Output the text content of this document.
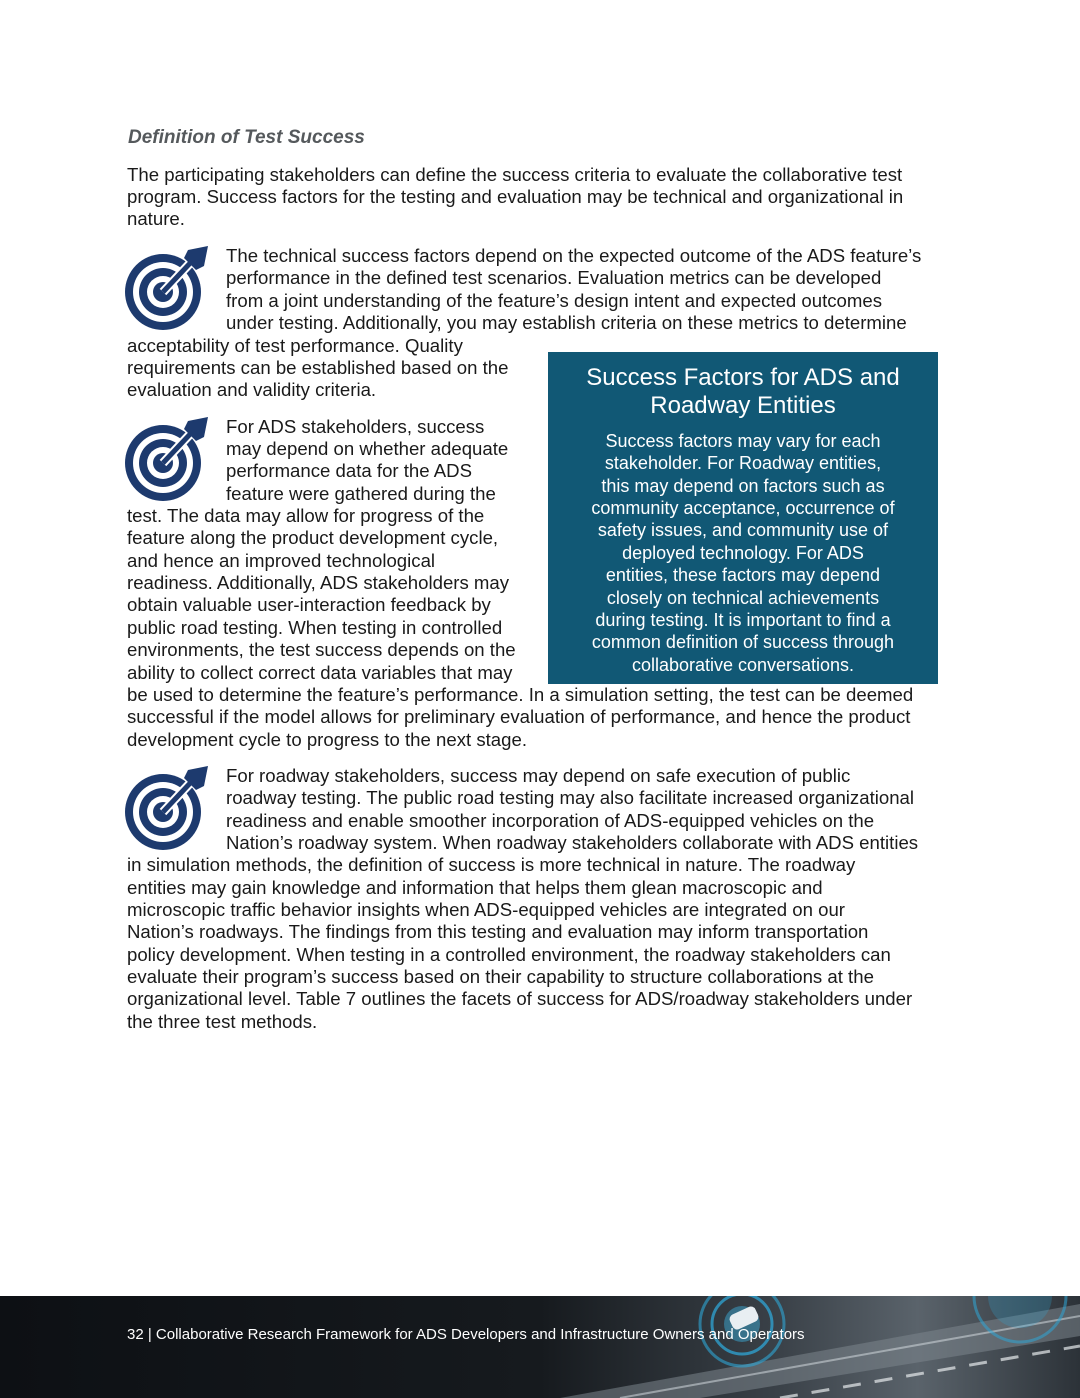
Definition of Test Success
The participating stakeholders can define the success criteria to evaluate the collaborative test
program. Success factors for the testing and evaluation may be technical and organizational in
nature.
The technical success factors depend on the expected outcome of the ADS feature’s
performance in the defined test scenarios. Evaluation metrics can be developed
from a joint understanding of the feature’s design intent and expected outcomes
under testing. Additionally, you may establish criteria on these metrics to determine
acceptability of test performance. Quality
requirements can be established based on the
evaluation and validity criteria.
For ADS stakeholders, success
may depend on whether adequate
performance data for the ADS
feature were gathered during the
test. The data may allow for progress of the
feature along the product development cycle,
and hence an improved technological
readiness. Additionally, ADS stakeholders may
obtain valuable user-interaction feedback by
public road testing. When testing in controlled
environments, the test success depends on the
ability to collect correct data variables that may
be used to determine the feature’s performance. In a simulation setting, the test can be deemed
successful if the model allows for preliminary evaluation of performance, and hence the product
development cycle to progress to the next stage.
Success Factors for ADS and
Roadway Entities
Success factors may vary for each
stakeholder. For Roadway entities,
this may depend on factors such as
community acceptance, occurrence of
safety issues, and community use of
deployed technology. For ADS
entities, these factors may depend
closely on technical achievements
during testing. It is important to find a
common definition of success through
collaborative conversations.
For roadway stakeholders, success may depend on safe execution of public
roadway testing. The public road testing may also facilitate increased organizational
readiness and enable smoother incorporation of ADS-equipped vehicles on the
Nation’s roadway system. When roadway stakeholders collaborate with ADS entities
in simulation methods, the definition of success is more technical in nature. The roadway
entities may gain knowledge and information that helps them glean macroscopic and
microscopic traffic behavior insights when ADS-equipped vehicles are integrated on our
Nation’s roadways. The findings from this testing and evaluation may inform transportation
policy development. When testing in a controlled environment, the roadway stakeholders can
evaluate their program’s success based on their capability to structure collaborations at the
organizational level. Table 7 outlines the facets of success for ADS/roadway stakeholders under
the three test methods.
32 | Collaborative Research Framework for ADS Developers and Infrastructure Owners and Operators
